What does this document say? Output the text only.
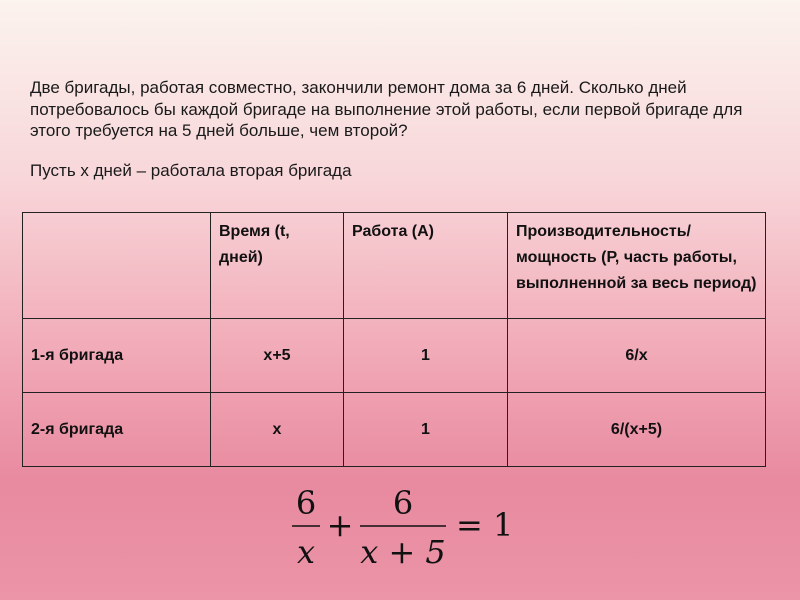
Две бригады, работая совместно, закончили ремонт дома за 6 дней. Сколько дней потребовалось бы каждой бригаде на выполнение этой работы, если первой бригаде для этого требуется на 5 дней больше, чем второй?

Пусть х дней – работала вторая бригада

	Время (t, дней)	Работа (А)	Производительность/ мощность (Р, часть работы, выполненной за весь период)
1-я бригада	x+5	1	6/x
2-я бригада	x	1	6/(x+5)
6
x
+
6
x + 5
= 1
